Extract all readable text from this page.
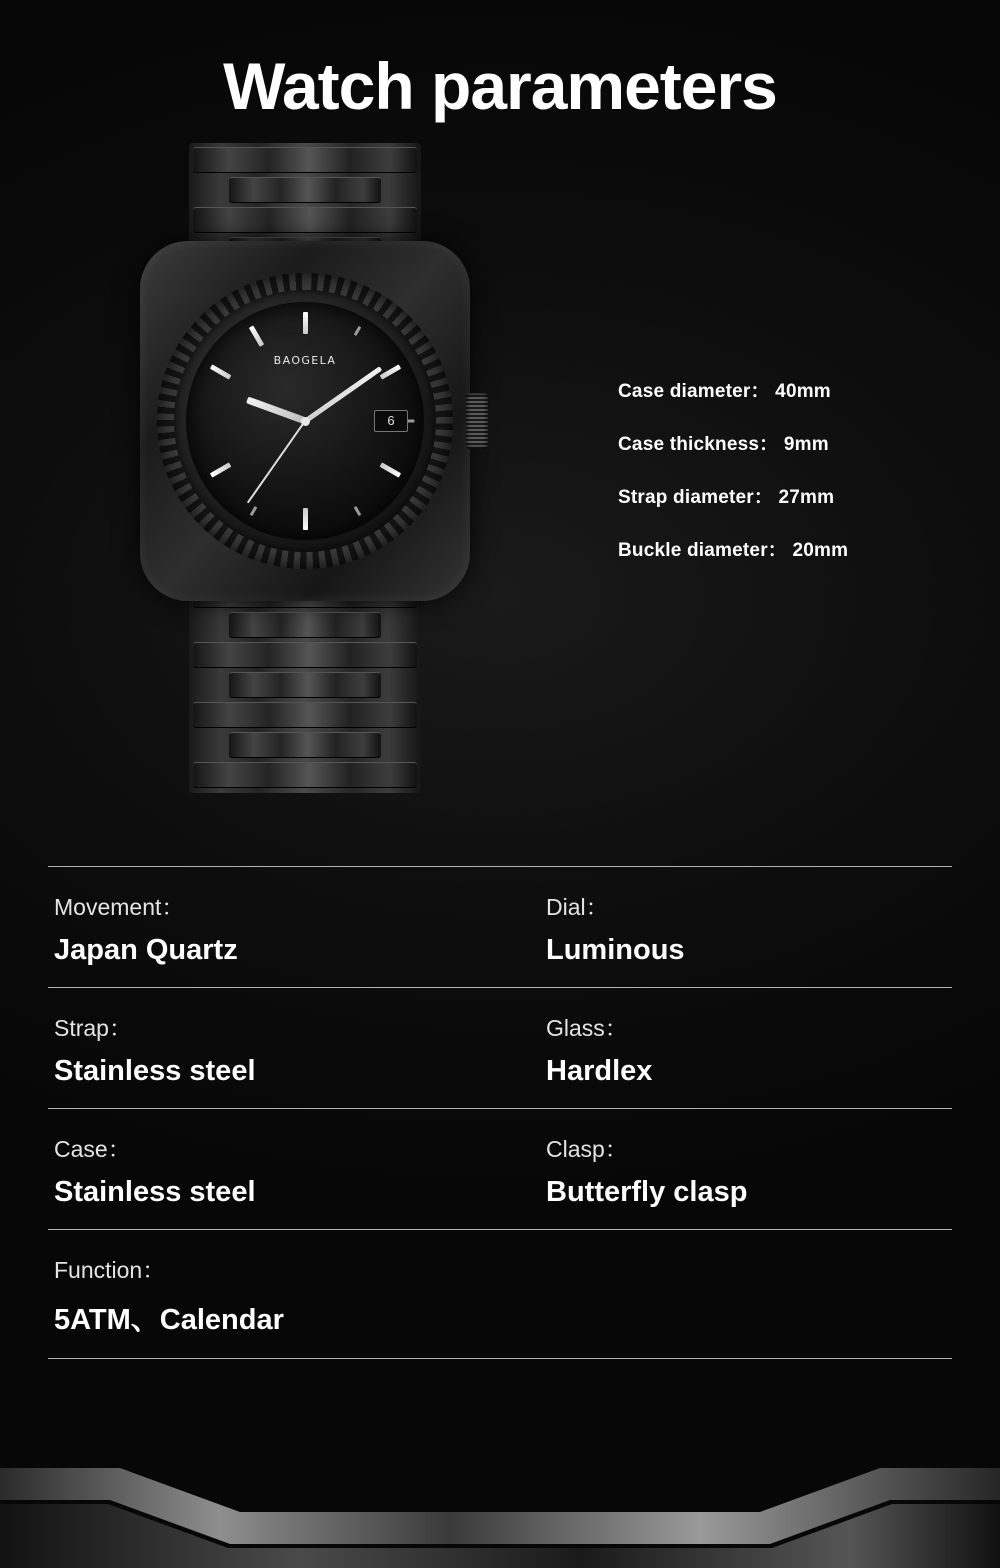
Watch parameters
BAOGELA
6
Case diameter： 40mm
Case thickness： 9mm
Strap diameter： 27mm
Buckle diameter： 20mm
Movement：
Japan Quartz
Dial：
Luminous
Strap：
Stainless steel
Glass：
Hardlex
Case：
Stainless steel
Clasp：
Butterfly clasp
Function：
5ATM、Calendar
